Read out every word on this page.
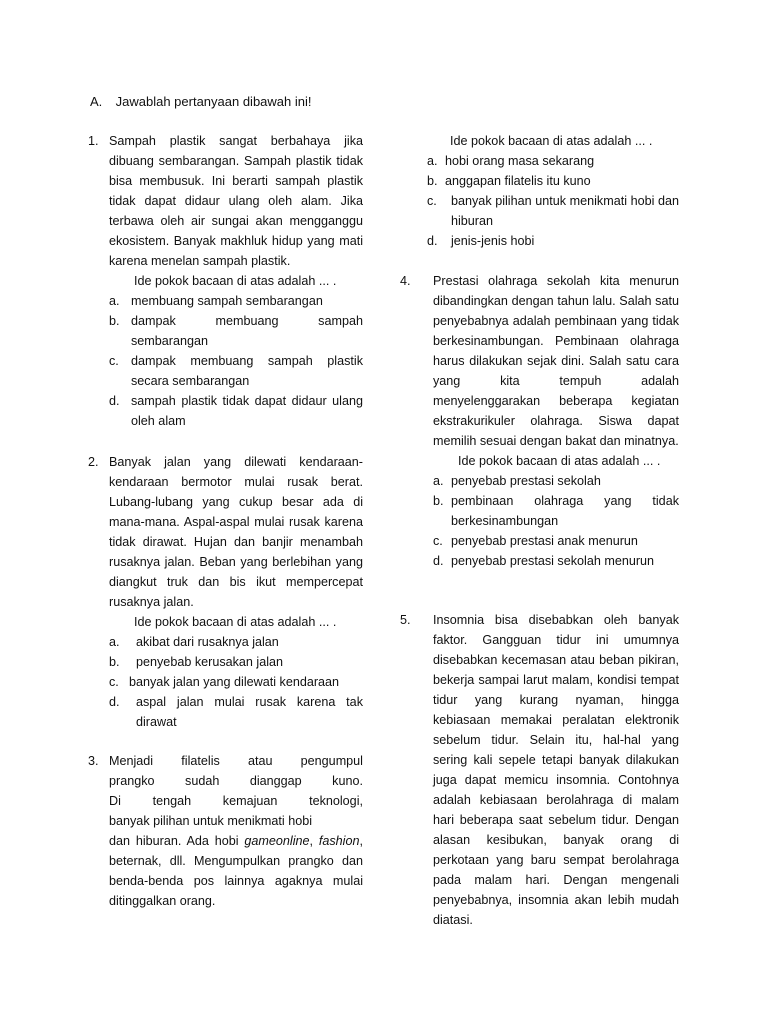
A. Jawablah pertanyaan dibawah ini!
1. Sampah plastik sangat berbahaya jika dibuang sembarangan. Sampah plastik tidak bisa membusuk. Ini berarti sampah plastik tidak dapat didaur ulang oleh alam. Jika terbawa oleh air sungai akan mengganggu ekosistem. Banyak makhluk hidup yang mati karena menelan sampah plastik.
Ide pokok bacaan di atas adalah ... .
a. membuang sampah sembarangan
b. dampak membuang sampah sembarangan
c. dampak membuang sampah plastik secara sembarangan
d. sampah plastik tidak dapat didaur ulang oleh alam
2. Banyak jalan yang dilewati kendaraan-kendaraan bermotor mulai rusak berat. Lubang-lubang yang cukup besar ada di mana-mana. Aspal-aspal mulai rusak karena tidak dirawat. Hujan dan banjir menambah rusaknya jalan. Beban yang berlebihan yang diangkut truk dan bis ikut mempercepat rusaknya jalan.
Ide pokok bacaan di atas adalah ... .
a.	akibat dari rusaknya jalan
b.	penyebab kerusakan jalan
c. banyak jalan yang dilewati kendaraan
d.	aspal jalan mulai rusak karena tak dirawat
3. Menjadi filatelis atau pengumpul
prangko sudah dianggap kuno.
Di tengah kemajuan teknologi,
banyak pilihan untuk menikmati hobi
dan hiburan. Ada hobi gameonline, fashion, beternak, dll. Mengumpulkan prangko dan benda-benda pos lainnya agaknya mulai ditinggalkan orang.
Ide pokok bacaan di atas adalah ... .
a. hobi orang masa sekarang
b. anggapan filatelis itu kuno
c.	banyak pilihan untuk menikmati hobi dan hiburan
d.	jenis-jenis hobi
4.	Prestasi olahraga sekolah kita menurun dibandingkan dengan tahun lalu. Salah satu penyebabnya adalah pembinaan yang tidak berkesinambungan. Pembinaan olahraga harus dilakukan sejak dini. Salah satu cara yang kita tempuh adalah menyelenggarakan beberapa kegiatan ekstrakurikuler olahraga. Siswa dapat memilih sesuai dengan bakat dan minatnya.
Ide pokok bacaan di atas adalah ... .
a. penyebab prestasi sekolah
b. pembinaan olahraga yang tidak berkesinambungan
c. penyebab prestasi anak menurun
d. penyebab prestasi sekolah menurun
5.	Insomnia bisa disebabkan oleh banyak faktor. Gangguan tidur ini umumnya disebabkan kecemasan atau beban pikiran, bekerja sampai larut malam, kondisi tempat tidur yang kurang nyaman, hingga kebiasaan memakai peralatan elektronik sebelum tidur. Selain itu, hal-hal yang sering kali sepele tetapi banyak dilakukan juga dapat memicu insomnia. Contohnya adalah kebiasaan berolahraga di malam hari beberapa saat sebelum tidur. Dengan alasan kesibukan, banyak orang di perkotaan yang baru sempat berolahraga pada malam hari. Dengan mengenali penyebabnya, insomnia akan lebih mudah diatasi.
